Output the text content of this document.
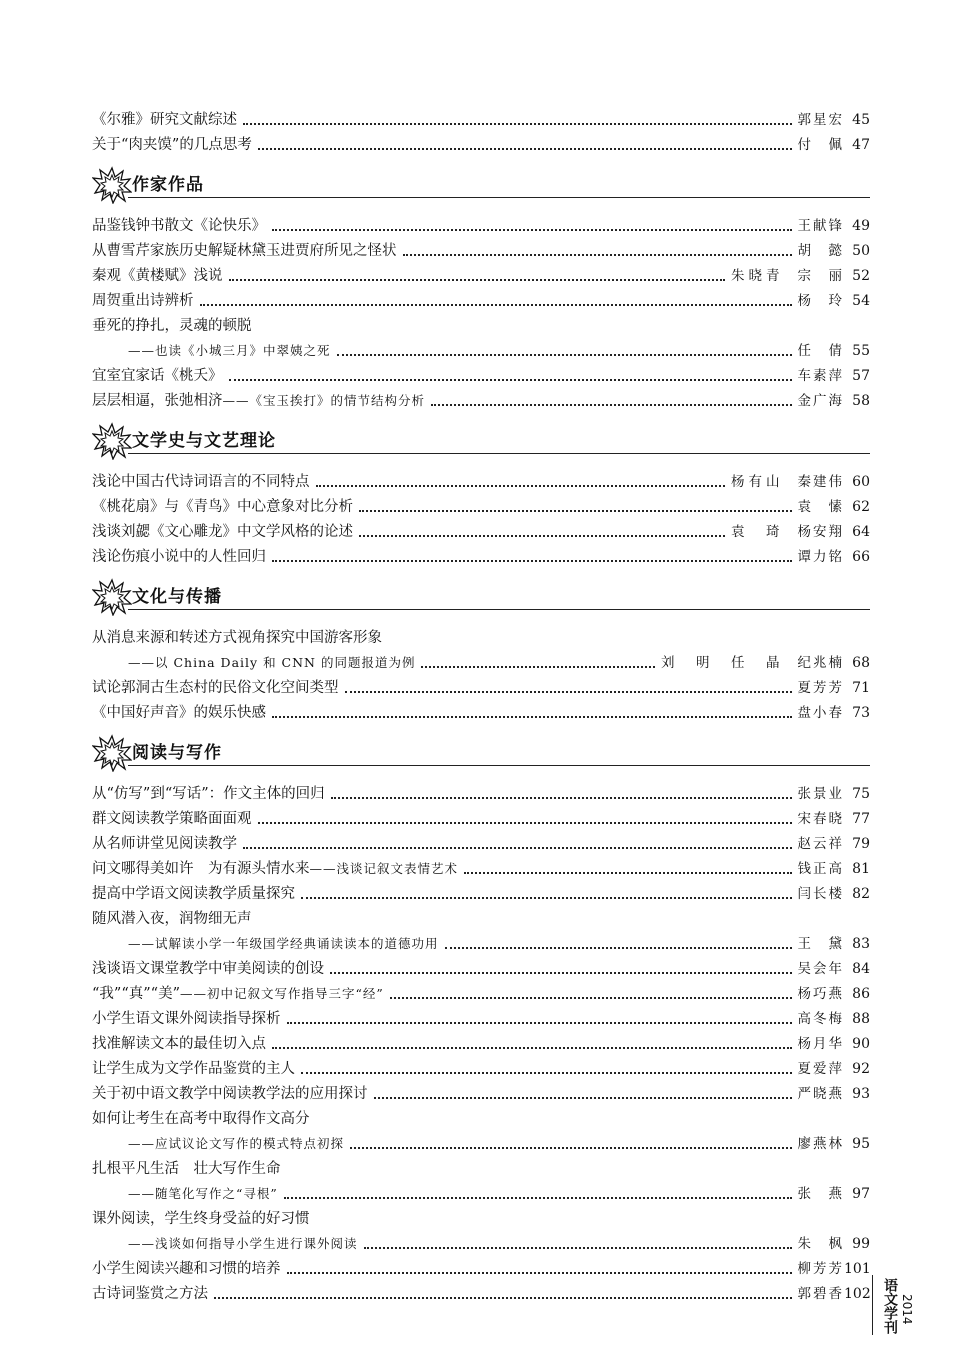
《尔雅》研究文献综述	郭星宏 45
关于“肉夹馍”的几点思考	付　佩 47
作家作品
品鉴钱钟书散文《论快乐》	王献锋 49
从曹雪芹家族历史解疑林黛玉进贾府所见之怪状	胡　懿 50
秦观《黄楼赋》浅说	朱晓青 宗　丽 52
周贺重出诗辨析	杨　玲 54
垂死的挣扎，灵魂的顿脱
——也读《小城三月》中翠姨之死	任　倩 55
宜室宜家话《桃夭》	车素萍 57
层层相逼，张弛相济——《宝玉挨打》的情节结构分析	金广海 58
文学史与文艺理论
浅论中国古代诗词语言的不同特点	杨有山 秦建伟 60
《桃花扇》与《青鸟》中心意象对比分析	袁　愫 62
浅谈刘勰《文心雕龙》中文学风格的论述	袁　琦 杨安翔 64
浅论伤痕小说中的人性回归	谭力铭 66
文化与传播
从消息来源和转述方式视角探究中国游客形象
——以 China Daily 和 CNN 的同题报道为例	刘　明　任　晶 纪兆楠 68
试论郭洞古生态村的民俗文化空间类型	夏芳芳 71
《中国好声音》的娱乐快感	盘小春 73
阅读与写作
从“仿写”到“写话”：作文主体的回归	张景业 75
群文阅读教学策略面面观	宋春晓 77
从名师讲堂见阅读教学	赵云祥 79
问文哪得美如许　为有源头情水来——浅谈记叙文表情艺术	钱正高 81
提高中学语文阅读教学质量探究	闫长楼 82
随风潜入夜，润物细无声
——试解读小学一年级国学经典诵读读本的道德功用	王　黛 83
浅谈语文课堂教学中审美阅读的创设	吴会年 84
“我”“真”“美”——初中记叙文写作指导三字“经”	杨巧燕 86
小学生语文课外阅读指导探析	高冬梅 88
找准解读文本的最佳切入点	杨月华 90
让学生成为文学作品鉴赏的主人	夏爱萍 92
关于初中语文教学中阅读教学法的应用探讨	严晓燕 93
如何让考生在高考中取得作文高分
——应试议论文写作的模式特点初探	廖燕林 95
扎根平凡生活　壮大写作生命
——随笔化写作之“寻根”	张　燕 97
课外阅读，学生终身受益的好习惯
——浅谈如何指导小学生进行课外阅读	朱　枫 99
小学生阅读兴趣和习惯的培养	柳芳芳 101
古诗词鉴赏之方法	郭碧香 102 语文学刊 2014
